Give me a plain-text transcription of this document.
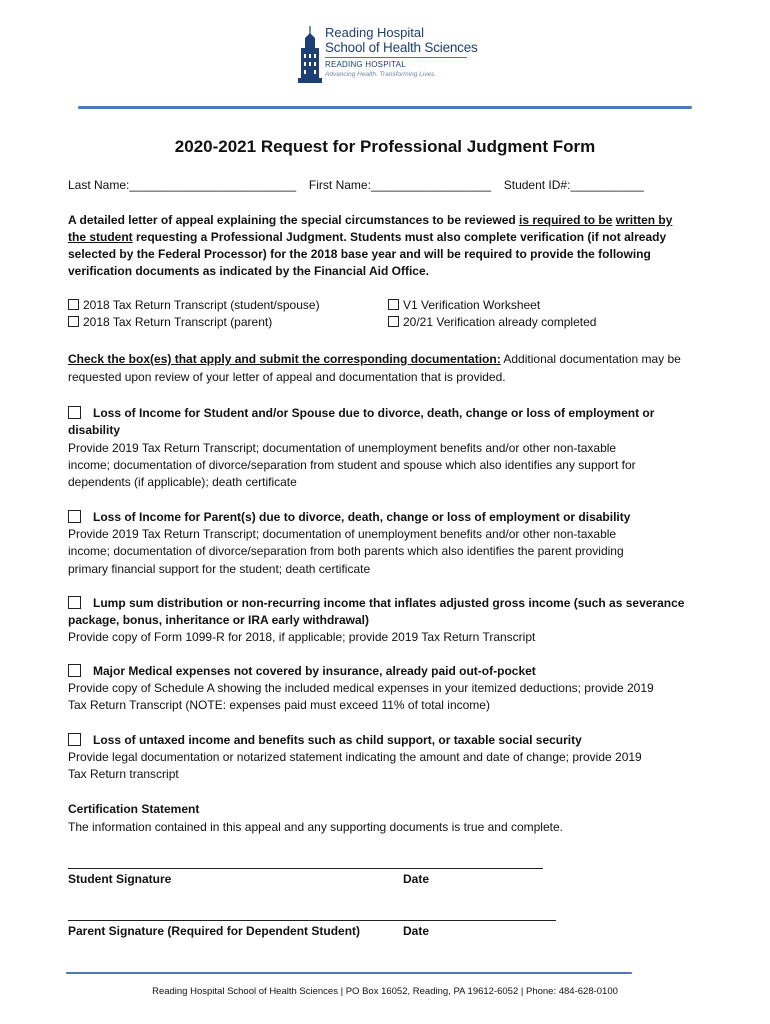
Reading Hospital
School of Health Sciences
READING HOSPITAL
Advancing Health. Transforming Lives.
2020-2021 Request for Professional Judgment Form
Last Name:_________________________ First Name:__________________ Student ID#:___________
A detailed letter of appeal explaining the special circumstances to be reviewed is required to be written by
the student requesting a Professional Judgment. Students must also complete verification (if not already
selected by the Federal Processor) for the 2018 base year and will be required to provide the following
verification documents as indicated by the Financial Aid Office.
2018 Tax Return Transcript (student/spouse)
2018 Tax Return Transcript (parent)
V1 Verification Worksheet
20/21 Verification already completed
Check the box(es) that apply and submit the corresponding documentation: Additional documentation may be
requested upon review of your letter of appeal and documentation that is provided.
Loss of Income for Student and/or Spouse due to divorce, death, change or loss of employment or
disability
Provide 2019 Tax Return Transcript; documentation of unemployment benefits and/or other non-taxable
income; documentation of divorce/separation from student and spouse which also identifies any support for
dependents (if applicable); death certificate
Loss of Income for Parent(s) due to divorce, death, change or loss of employment or disability
Provide 2019 Tax Return Transcript; documentation of unemployment benefits and/or other non-taxable
income; documentation of divorce/separation from both parents which also identifies the parent providing
primary financial support for the student; death certificate
Lump sum distribution or non-recurring income that inflates adjusted gross income (such as severance
package, bonus, inheritance or IRA early withdrawal)
Provide copy of Form 1099-R for 2018, if applicable; provide 2019 Tax Return Transcript
Major Medical expenses not covered by insurance, already paid out-of-pocket
Provide copy of Schedule A showing the included medical expenses in your itemized deductions; provide 2019
Tax Return Transcript (NOTE: expenses paid must exceed 11% of total income)
Loss of untaxed income and benefits such as child support, or taxable social security
Provide legal documentation or notarized statement indicating the amount and date of change; provide 2019
Tax Return transcript
Certification Statement
The information contained in this appeal and any supporting documents is true and complete.
Student Signature	Date
Parent Signature (Required for Dependent Student)	Date
Reading Hospital School of Health Sciences | PO Box 16052, Reading, PA 19612-6052 | Phone: 484-628-0100
